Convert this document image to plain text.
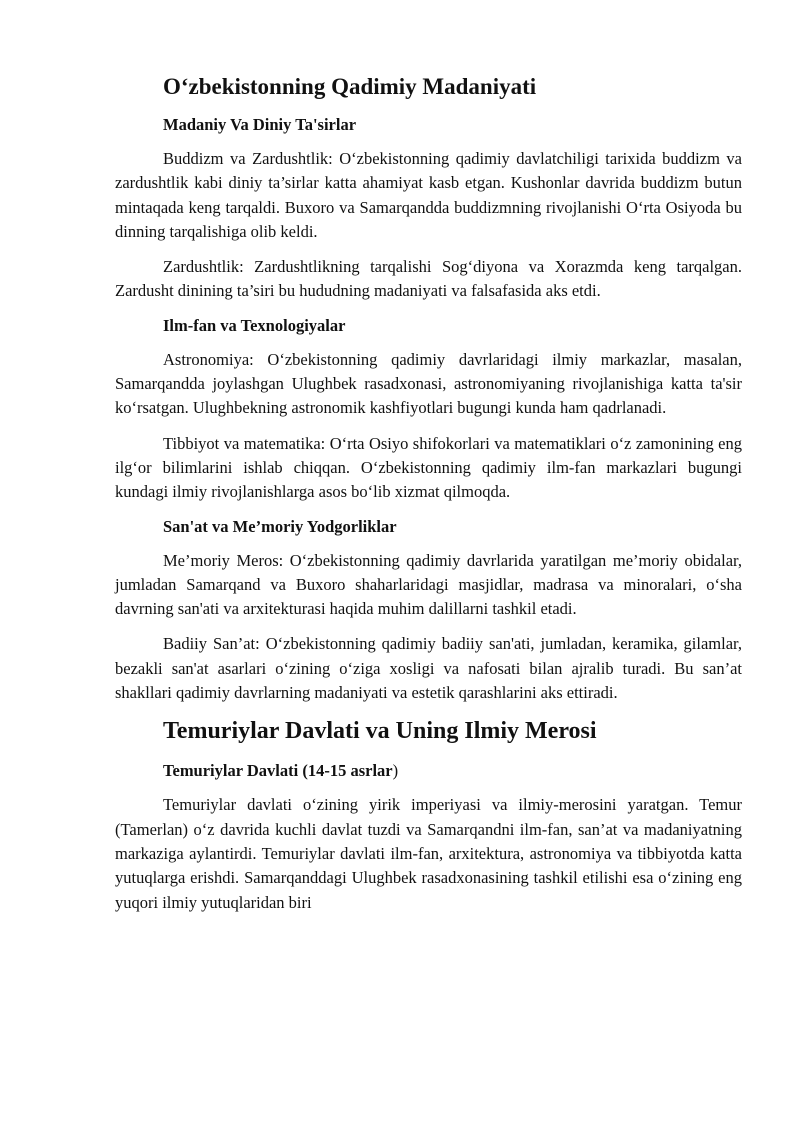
O‘zbekistonning Qadimiy Madaniyati
Madaniy Va Diniy Ta'sirlar

Buddizm va Zardushtlik: O‘zbekistonning qadimiy davlatchiligi tarixida buddizm va zardushtlik kabi diniy ta’sirlar katta ahamiyat kasb etgan. Kushonlar davrida buddizm butun mintaqada keng tarqaldi. Buxoro va Samarqandda buddizmning rivojlanishi O‘rta Osiyoda bu dinning tarqalishiga olib keldi.

Zardushtlik: Zardushtlikning tarqalishi Sog‘diyona va Xorazmda keng tarqalgan. Zardusht dinining ta’siri bu hududning madaniyati va falsafasida aks etdi.

Ilm-fan va Texnologiyalar

Astronomiya: O‘zbekistonning qadimiy davrlaridagi ilmiy markazlar, masalan, Samarqandda joylashgan Ulughbek rasadxonasi, astronomiyaning rivojlanishiga katta ta'sir ko‘rsatgan. Ulughbekning astronomik kashfiyotlari bugungi kunda ham qadrlanadi.

Tibbiyot va matematika: O‘rta Osiyo shifokorlari va matematiklari o‘z zamonining eng ilg‘or bilimlarini ishlab chiqqan. O‘zbekistonning qadimiy ilm-fan markazlari bugungi kundagi ilmiy rivojlanishlarga asos bo‘lib xizmat qilmoqda.

San'at va Me’moriy Yodgorliklar

Me’moriy Meros: O‘zbekistonning qadimiy davrlarida yaratilgan me’moriy obidalar, jumladan Samarqand va Buxoro shaharlaridagi masjidlar, madrasa va minoralari, o‘sha davrning san'ati va arxitekturasi haqida muhim dalillarni tashkil etadi.

Badiiy San’at: O‘zbekistonning qadimiy badiiy san'ati, jumladan, keramika, gilamlar, bezakli san'at asarlari o‘zining o‘ziga xosligi va nafosati bilan ajralib turadi. Bu san’at shakllari qadimiy davrlarning madaniyati va estetik qarashlarini aks ettiradi.

Temuriylar Davlati va Uning Ilmiy Merosi
Temuriylar Davlati (14-15 asrlar)

Temuriylar davlati o‘zining yirik imperiyasi va ilmiy-merosini yaratgan. Temur (Tamerlan) o‘z davrida kuchli davlat tuzdi va Samarqandni ilm-fan, san’at va madaniyatning markaziga aylantirdi. Temuriylar davlati ilm-fan, arxitektura, astronomiya va tibbiyotda katta yutuqlarga erishdi. Samarqanddagi Ulughbek rasadxonasining tashkil etilishi esa o‘zining eng yuqori ilmiy yutuqlaridan biri
